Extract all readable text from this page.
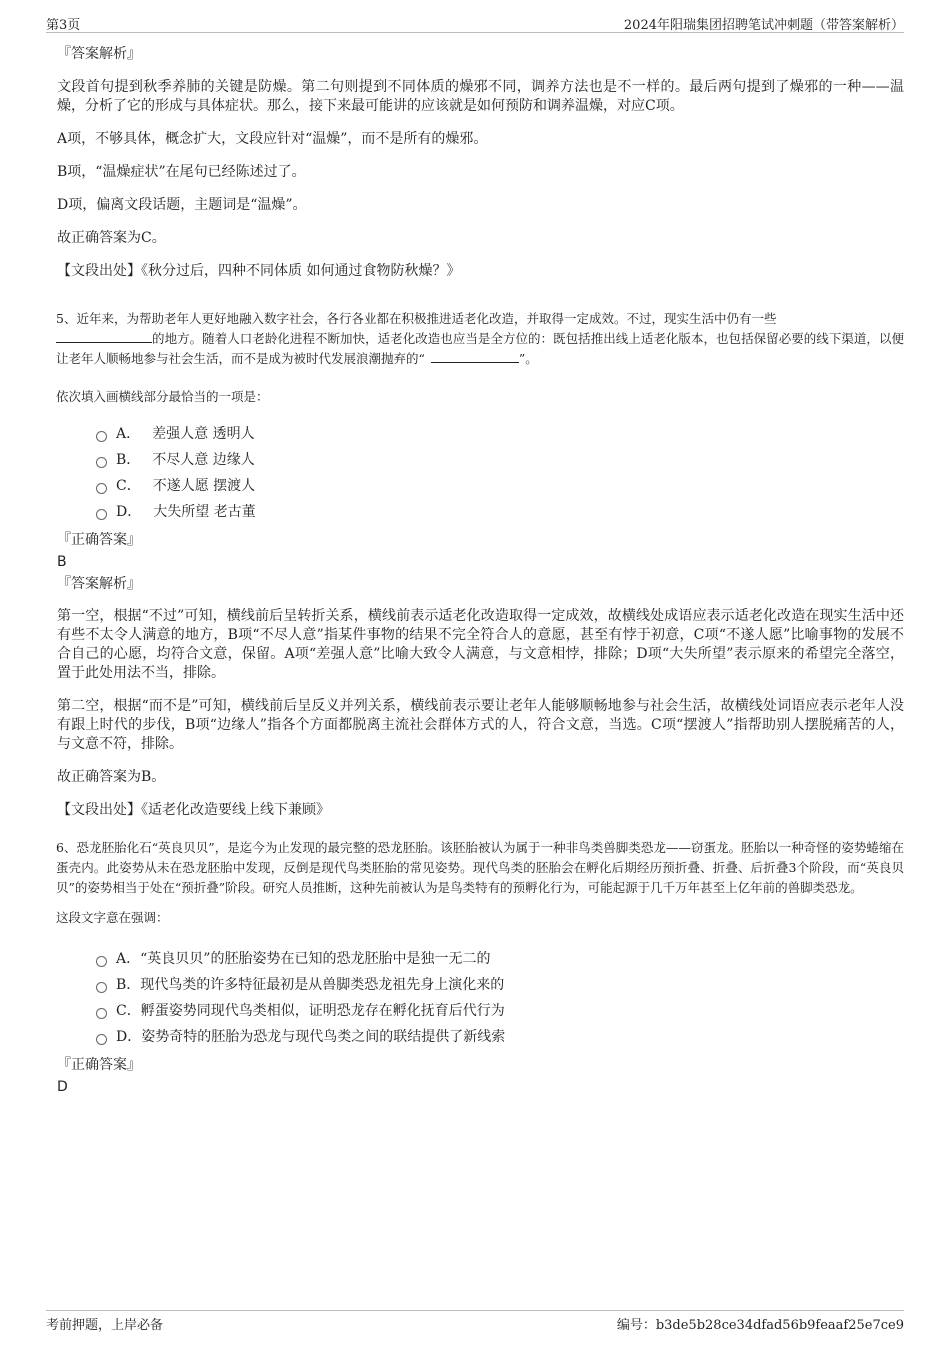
第3页	2024年阳瑞集团招聘笔试冲刺题（带答案解析）
『答案解析』
文段首句提到秋季养肺的关键是防燥。第二句则提到不同体质的燥邪不同，调养方法也是不一样的。最后两句提到了燥邪的一种——温燥，分析了它的形成与具体症状。那么，接下来最可能讲的应该就是如何预防和调养温燥，对应C项。
A项，不够具体，概念扩大，文段应针对“温燥”，而不是所有的燥邪。
B项，“温燥症状”在尾句已经陈述过了。
D项，偏离文段话题，主题词是“温燥”。
故正确答案为C。
【文段出处】《秋分过后，四种不同体质 如何通过食物防秋燥？》
5、近年来，为帮助老年人更好地融入数字社会，各行各业都在积极推进适老化改造，并取得一定成效。不过，现实生活中仍有一些
的地方。随着人口老龄化进程不断加快，适老化改造也应当是全方位的：既包括推出线上适老化版本，也包括保留必要的线下渠道，以便让老年人顺畅地参与社会生活，而不是成为被时代发展浪潮抛弃的“	”。
依次填入画横线部分最恰当的一项是：
A． 差强人意 透明人
B． 不尽人意 边缘人
C． 不遂人愿 摆渡人
D． 大失所望 老古董
『正确答案』
B
『答案解析』
第一空，根据“不过”可知，横线前后呈转折关系，横线前表示适老化改造取得一定成效，故横线处成语应表示适老化改造在现实生活中还有些不太令人满意的地方，B项“不尽人意”指某件事物的结果不完全符合人的意愿，甚至有悖于初意，C项“不遂人愿”比喻事物的发展不合自己的心愿，均符合文意，保留。A项“差强人意”比喻大致令人满意，与文意相悖，排除；D项“大失所望”表示原来的希望完全落空，置于此处用法不当，排除。
第二空，根据“而不是”可知，横线前后呈反义并列关系，横线前表示要让老年人能够顺畅地参与社会生活，故横线处词语应表示老年人没有跟上时代的步伐，B项“边缘人”指各个方面都脱离主流社会群体方式的人，符合文意，当选。C项“摆渡人”指帮助别人摆脱痛苦的人，与文意不符，排除。
故正确答案为B。
【文段出处】《适老化改造要线上线下兼顾》
6、恐龙胚胎化石“英良贝贝”，是迄今为止发现的最完整的恐龙胚胎。该胚胎被认为属于一种非鸟类兽脚类恐龙——窃蛋龙。胚胎以一种奇怪的姿势蜷缩在蛋壳内。此姿势从未在恐龙胚胎中发现，反倒是现代鸟类胚胎的常见姿势。现代鸟类的胚胎会在孵化后期经历预折叠、折叠、后折叠3个阶段，而“英良贝贝”的姿势相当于处在“预折叠”阶段。研究人员推断，这种先前被认为是鸟类特有的预孵化行为，可能起源于几千万年甚至上亿年前的兽脚类恐龙。
这段文字意在强调：
A． “英良贝贝”的胚胎姿势在已知的恐龙胚胎中是独一无二的
B． 现代鸟类的许多特征最初是从兽脚类恐龙祖先身上演化来的
C． 孵蛋姿势同现代鸟类相似，证明恐龙存在孵化抚育后代行为
D． 姿势奇特的胚胎为恐龙与现代鸟类之间的联结提供了新线索
『正确答案』
D
考前押题，上岸必备	编号：b3de5b28ce34dfad56b9feaaf25e7ce9
